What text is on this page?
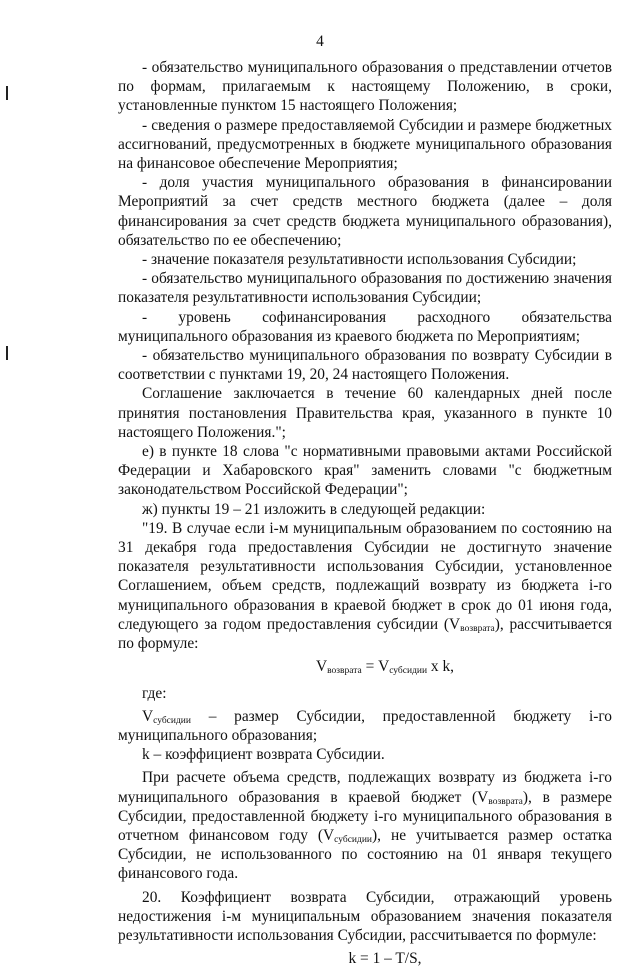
4

- обязательство муниципального образования о представлении отчетов по формам, прилагаемым к настоящему Положению, в сроки, установленные пунктом 15 настоящего Положения;

- сведения о размере предоставляемой Субсидии и размере бюджетных ассигнований, предусмотренных в бюджете муниципального образования на финансовое обеспечение Мероприятия;

- доля участия муниципального образования в финансировании Мероприятий за счет средств местного бюджета (далее – доля финансирования за счет средств бюджета муниципального образования), обязательство по ее обеспечению;

- значение показателя результативности использования Субсидии;

- обязательство муниципального образования по достижению значения показателя результативности использования Субсидии;

- уровень софинансирования расходного обязательства муниципального образования из краевого бюджета по Мероприятиям;

- обязательство муниципального образования по возврату Субсидии в соответствии с пунктами 19, 20, 24 настоящего Положения.

Соглашение заключается в течение 60 календарных дней после принятия постановления Правительства края, указанного в пункте 10 настоящего Положения.";

е) в пункте 18 слова "с нормативными правовыми актами Российской Федерации и Хабаровского края" заменить словами "с бюджетным законодательством Российской Федерации";

ж) пункты 19 – 21 изложить в следующей редакции:

"19. В случае если i-м муниципальным образованием по состоянию на 31 декабря года предоставления Субсидии не достигнуто значение показателя результативности использования Субсидии, установленное Соглашением, объем средств, подлежащий возврату из бюджета i-го муниципального образования в краевой бюджет в срок до 01 июня года, следующего за годом предоставления субсидии $(V_{возврата})$, рассчитывается по формуле:

$V_{возврата} = V_{субсидии}$ x k,

где:

$V_{субсидии}$ – размер Субсидии, предоставленной бюджету i-го муниципального образования;

k – коэффициент возврата Субсидии.

При расчете объема средств, подлежащих возврату из бюджета i-го муниципального образования в краевой бюджет $(V_{возврата})$, в размере Субсидии, предоставленной бюджету i-го муниципального образования в отчетном финансовом году $(V_{субсидии})$, не учитывается размер остатка Субсидии, не использованного по состоянию на 01 января текущего финансового года.

20. Коэффициент возврата Субсидии, отражающий уровень недостижения i-м муниципальным образованием значения показателя результативности использования Субсидии, рассчитывается по формуле:

k = 1 – T/S,
